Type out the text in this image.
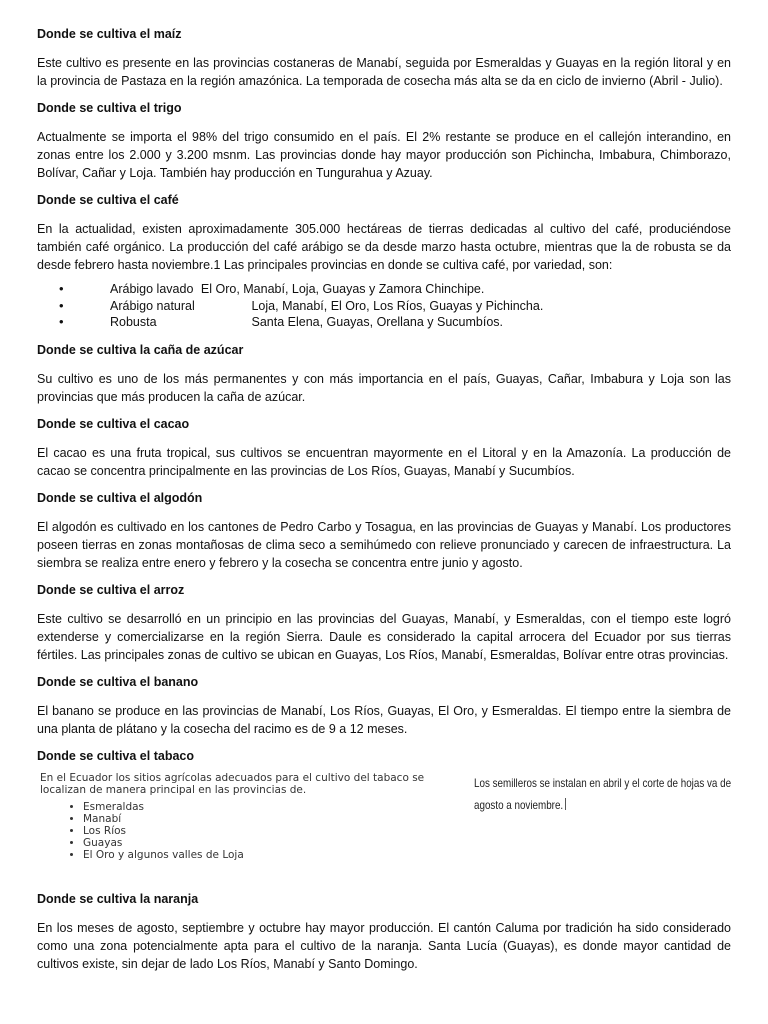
Donde se cultiva el maíz

Este cultivo es presente en las provincias costaneras de Manabí, seguida por Esmeraldas y Guayas en la región litoral y en la provincia de Pastaza en la región amazónica. La temporada de cosecha más alta se da en ciclo de invierno (Abril - Julio).

Donde se cultiva el trigo

Actualmente se importa el 98% del trigo consumido en el país. El 2% restante se produce en el callejón interandino, en zonas entre los 2.000 y 3.200 msnm. Las provincias donde hay mayor producción son Pichincha, Imbabura, Chimborazo, Bolívar, Cañar y Loja. También hay producción en Tungurahua y Azuay.

Donde se cultiva el café

En la actualidad, existen aproximadamente 305.000 hectáreas de tierras dedicadas al cultivo del café, produciéndose también café orgánico. La producción del café arábigo se da desde marzo hasta octubre, mientras que la de robusta se da desde febrero hasta noviembre.1 Las principales provincias en donde se cultiva café, por variedad, son:

• Arábigo lavado El Oro, Manabí, Loja, Guayas y Zamora Chinchipe.
• Arábigo natural	Loja, Manabí, El Oro, Los Ríos, Guayas y Pichincha.
• Robusta	Santa Elena, Guayas, Orellana y Sucumbíos.
Donde se cultiva la caña de azúcar

Su cultivo es uno de los más permanentes y con más importancia en el país, Guayas, Cañar, Imbabura y Loja son las provincias que más producen la caña de azúcar.

Donde se cultiva el cacao

El cacao es una fruta tropical, sus cultivos se encuentran mayormente en el Litoral y en la Amazonía. La producción de cacao se concentra principalmente en las provincias de Los Ríos, Guayas, Manabí y Sucumbíos.

Donde se cultiva el algodón

El algodón es cultivado en los cantones de Pedro Carbo y Tosagua, en las provincias de Guayas y Manabí. Los productores poseen tierras en zonas montañosas de clima seco a semihúmedo con relieve pronunciado y carecen de infraestructura. La siembra se realiza entre enero y febrero y la cosecha se concentra entre junio y agosto.

Donde se cultiva el arroz

Este cultivo se desarrolló en un principio en las provincias del Guayas, Manabí, y Esmeraldas, con el tiempo este logró extenderse y comercializarse en la región Sierra. Daule es considerado la capital arrocera del Ecuador por sus tierras fértiles. Las principales zonas de cultivo se ubican en Guayas, Los Ríos, Manabí, Esmeraldas, Bolívar entre otras provincias.

Donde se cultiva el banano

El banano se produce en las provincias de Manabí, Los Ríos, Guayas, El Oro, y Esmeraldas. El tiempo entre la siembra de una planta de plátano y la cosecha del racimo es de 9 a 12 meses.

Donde se cultiva el tabaco
En el Ecuador los sitios agrícolas adecuados para el cultivo del tabaco se localizan de manera principal en las provincias de.
• Esmeraldas
• Manabí
• Los Ríos
• Guayas
• El Oro y algunos valles de Loja
Los semilleros se instalan en abril y el corte de hojas va de agosto a noviembre.
Donde se cultiva la naranja

En los meses de agosto, septiembre y octubre hay mayor producción. El cantón Caluma por tradición ha sido considerado como una zona potencialmente apta para el cultivo de la naranja. Santa Lucía (Guayas), es donde mayor cantidad de cultivos existe, sin dejar de lado Los Ríos, Manabí y Santo Domingo.
